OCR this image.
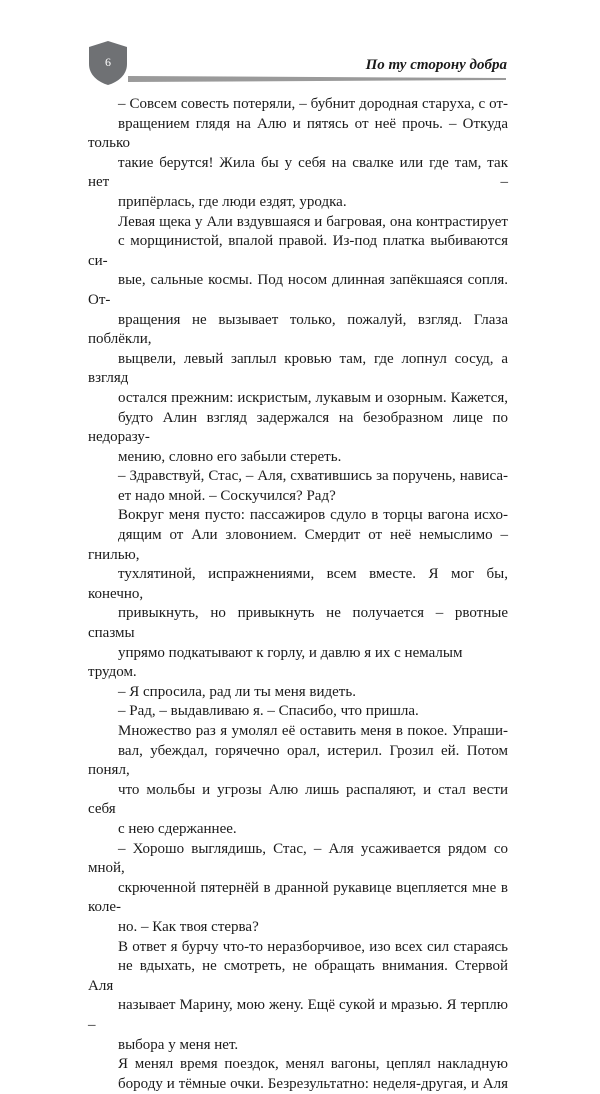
6	По ту сторону добра

– Совсем совесть потеряли, – бубнит дородная старуха, с от-
вращением глядя на Алю и пятясь от неё прочь. – Откуда только
такие берутся! Жила бы у себя на свалке или где там, так нет –
припёрлась, где люди ездят, уродка.

Левая щека у Али вздувшаяся и багровая, она контрастирует
с морщинистой, впалой правой. Из-под платка выбиваются си-
вые, сальные космы. Под носом длинная запёкшаяся сопля. От-
вращения не вызывает только, пожалуй, взгляд. Глаза поблёкли,
выцвели, левый заплыл кровью там, где лопнул сосуд, а взгляд
остался прежним: искристым, лукавым и озорным. Кажется,
будто Алин взгляд задержался на безобразном лице по недоразу-
мению, словно его забыли стереть.

– Здравствуй, Стас, – Аля, схватившись за поручень, нависа-
ет надо мной. – Соскучился? Рад?

Вокруг меня пусто: пассажиров сдуло в торцы вагона исхо-
дящим от Али зловонием. Смердит от неё немыслимо – гнилью,
тухлятиной, испражнениями, всем вместе. Я мог бы, конечно,
привыкнуть, но привыкнуть не получается – рвотные спазмы
упрямо подкатывают к горлу, и давлю я их с немалым трудом.

– Я спросила, рад ли ты меня видеть.

– Рад, – выдавливаю я. – Спасибо, что пришла.

Множество раз я умолял её оставить меня в покое. Упраши-
вал, убеждал, горячечно орал, истерил. Грозил ей. Потом понял,
что мольбы и угрозы Алю лишь распаляют, и стал вести себя
с нею сдержаннее.

– Хорошо выглядишь, Стас, – Аля усаживается рядом со мной,
скрюченной пятернёй в дранной рукавице вцепляется мне в коле-
но. – Как твоя стерва?

В ответ я бурчу что-то неразборчивое, изо всех сил стараясь
не вдыхать, не смотреть, не обращать внимания. Стервой Аля
называет Марину, мою жену. Ещё сукой и мразью. Я терплю –
выбора у меня нет.

Я менял время поездок, менял вагоны, цеплял накладную
бороду и тёмные очки. Безрезультатно: неделя-другая, и Аля
